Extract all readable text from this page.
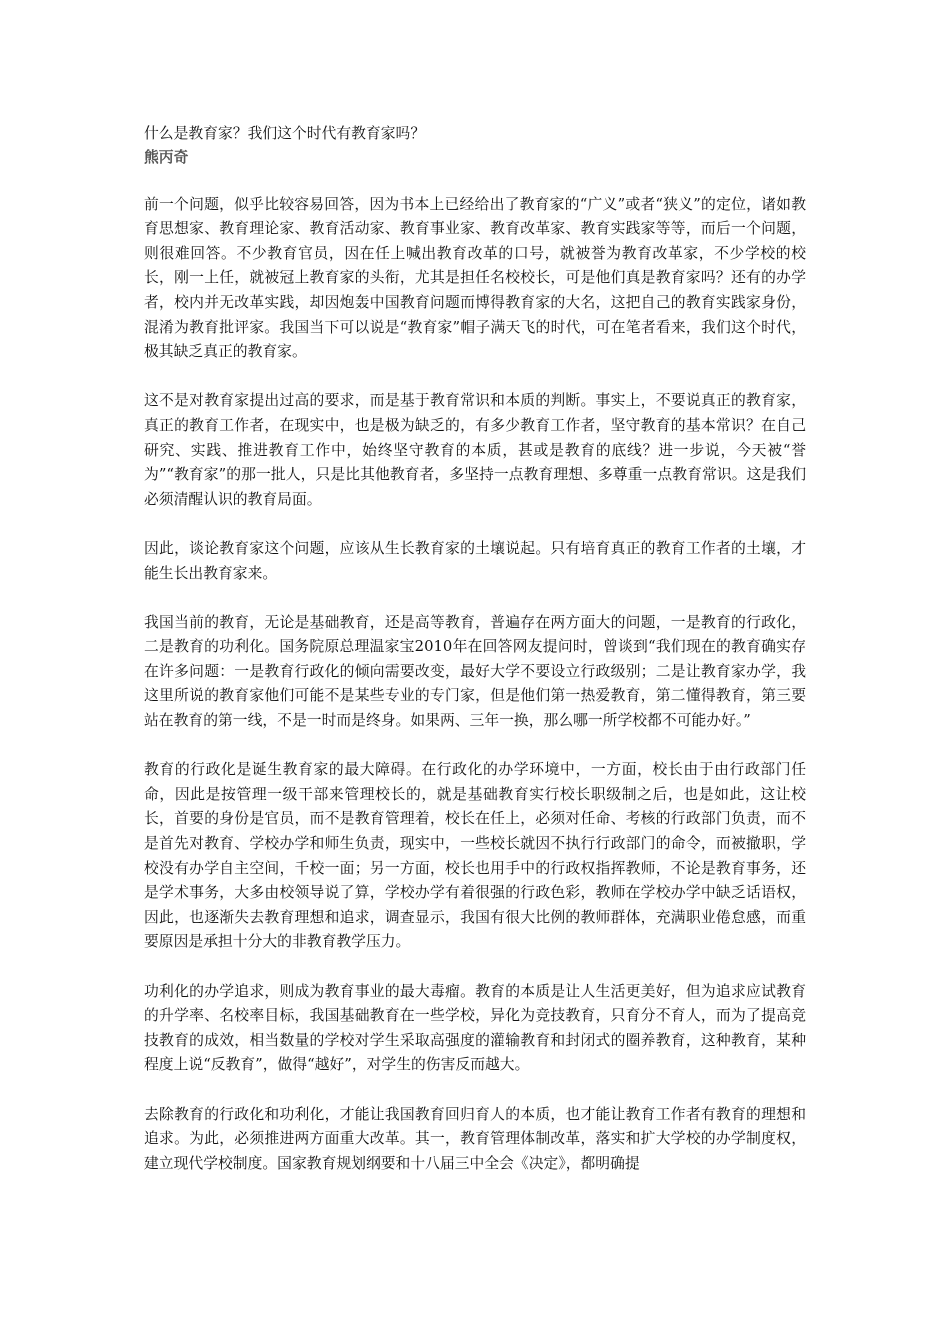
什么是教育家？我们这个时代有教育家吗？
熊丙奇

前一个问题，似乎比较容易回答，因为书本上已经给出了教育家的“广义”或者“狭义”的定位，诸如教育思想家、教育理论家、教育活动家、教育事业家、教育改革家、教育实践家等等，而后一个问题，则很难回答。不少教育官员，因在任上喊出教育改革的口号，就被誉为教育改革家，不少学校的校长，刚一上任，就被冠上教育家的头衔，尤其是担任名校校长，可是他们真是教育家吗？还有的办学者，校内并无改革实践，却因炮轰中国教育问题而博得教育家的大名，这把自己的教育实践家身份，混淆为教育批评家。我国当下可以说是“教育家”帽子满天飞的时代，可在笔者看来，我们这个时代，极其缺乏真正的教育家。

这不是对教育家提出过高的要求，而是基于教育常识和本质的判断。事实上，不要说真正的教育家，真正的教育工作者，在现实中，也是极为缺乏的，有多少教育工作者，坚守教育的基本常识？在自己研究、实践、推进教育工作中，始终坚守教育的本质，甚或是教育的底线？进一步说，今天被“誉为”“教育家”的那一批人，只是比其他教育者，多坚持一点教育理想、多尊重一点教育常识。这是我们必须清醒认识的教育局面。

因此，谈论教育家这个问题，应该从生长教育家的土壤说起。只有培育真正的教育工作者的土壤，才能生长出教育家来。

我国当前的教育，无论是基础教育，还是高等教育，普遍存在两方面大的问题，一是教育的行政化，二是教育的功利化。国务院原总理温家宝2010年在回答网友提问时，曾谈到“我们现在的教育确实存在许多问题：一是教育行政化的倾向需要改变，最好大学不要设立行政级别；二是让教育家办学，我这里所说的教育家他们可能不是某些专业的专门家，但是他们第一热爱教育，第二懂得教育，第三要站在教育的第一线，不是一时而是终身。如果两、三年一换，那么哪一所学校都不可能办好。”

教育的行政化是诞生教育家的最大障碍。在行政化的办学环境中，一方面，校长由于由行政部门任命，因此是按管理一级干部来管理校长的，就是基础教育实行校长职级制之后，也是如此，这让校长，首要的身份是官员，而不是教育管理着，校长在任上，必须对任命、考核的行政部门负责，而不是首先对教育、学校办学和师生负责，现实中，一些校长就因不执行行政部门的命令，而被撤职，学校没有办学自主空间，千校一面；另一方面，校长也用手中的行政权指挥教师，不论是教育事务，还是学术事务，大多由校领导说了算，学校办学有着很强的行政色彩，教师在学校办学中缺乏话语权，因此，也逐渐失去教育理想和追求，调查显示，我国有很大比例的教师群体，充满职业倦怠感，而重要原因是承担十分大的非教育教学压力。

功利化的办学追求，则成为教育事业的最大毒瘤。教育的本质是让人生活更美好，但为追求应试教育的升学率、名校率目标，我国基础教育在一些学校，异化为竞技教育，只育分不育人，而为了提高竞技教育的成效，相当数量的学校对学生采取高强度的灌输教育和封闭式的圈养教育，这种教育，某种程度上说“反教育”，做得“越好”，对学生的伤害反而越大。

去除教育的行政化和功利化，才能让我国教育回归育人的本质，也才能让教育工作者有教育的理想和追求。为此，必须推进两方面重大改革。其一，教育管理体制改革，落实和扩大学校的办学制度权，建立现代学校制度。国家教育规划纲要和十八届三中全会《决定》，都明确提
